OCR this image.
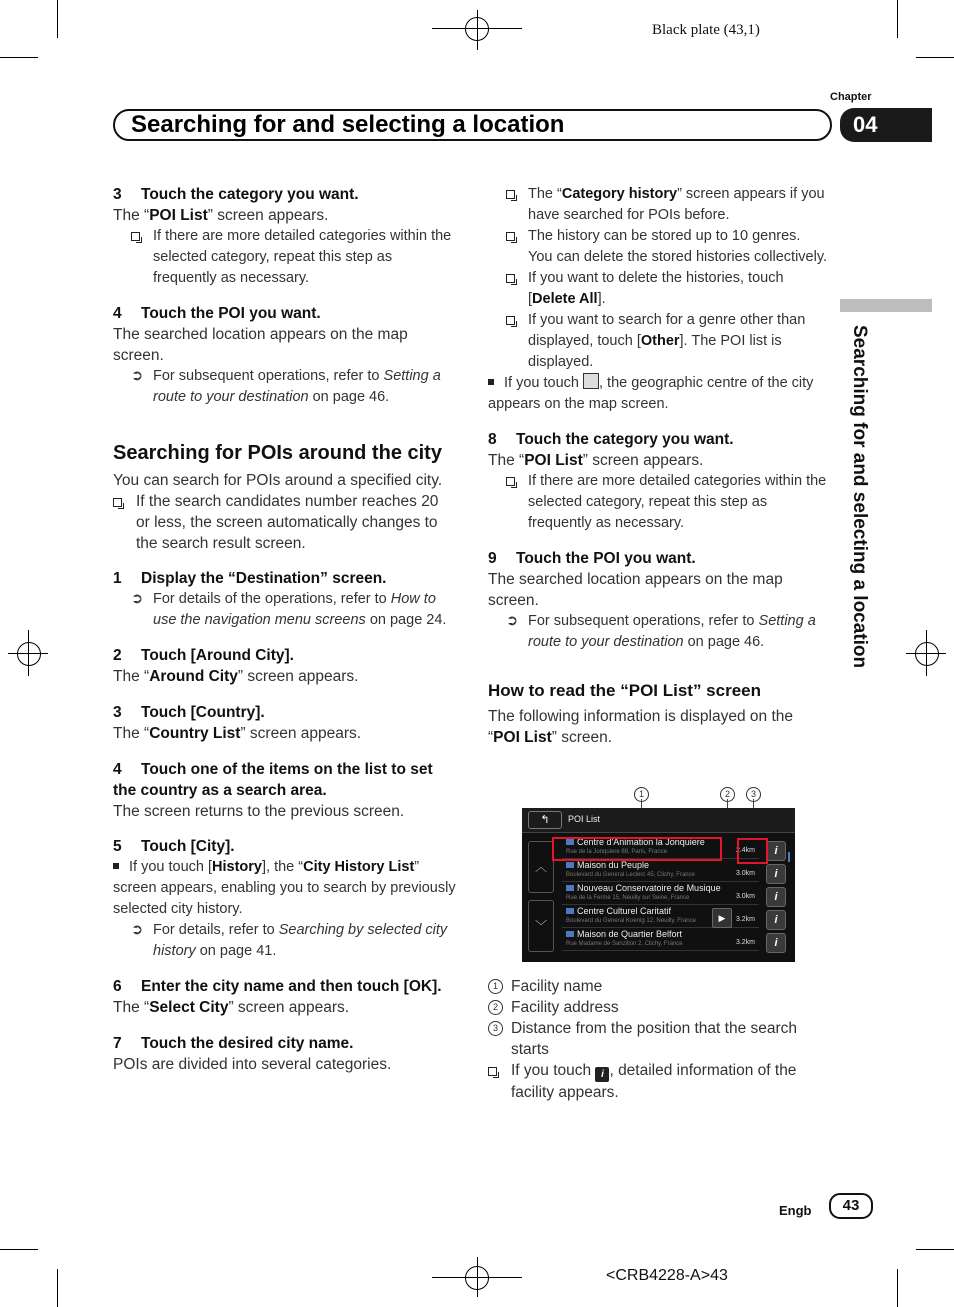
Black plate (43,1)
Chapter
Searching for and selecting a location	04
Searching for and selecting a location
3 Touch the category you want.
The “POI List” screen appears.
If there are more detailed categories within the selected category, repeat this step as frequently as necessary.
4 Touch the POI you want.
The searched location appears on the map screen.
➲ For subsequent operations, refer to Setting a route to your destination on page 46.
Searching for POIs around the city
You can search for POIs around a specified city.
If the search candidates number reaches 20 or less, the screen automatically changes to the search result screen.
1 Display the “Destination” screen.
➲ For details of the operations, refer to How to use the navigation menu screens on page 24.
2 Touch [Around City].
The “Around City” screen appears.
3 Touch [Country].
The “Country List” screen appears.
4 Touch one of the items on the list to set the country as a search area.
The screen returns to the previous screen.
5 Touch [City].
If you touch [History], the “City History List” screen appears, enabling you to search by previously selected city history.
➲ For details, refer to Searching by selected city history on page 41.
6 Enter the city name and then touch [OK].
The “Select City” screen appears.
7 Touch the desired city name.
POIs are divided into several categories.
The “Category history” screen appears if you have searched for POIs before.
The history can be stored up to 10 genres. You can delete the stored histories collectively.
If you want to delete the histories, touch [Delete All].
If you want to search for a genre other than displayed, touch [Other]. The POI list is displayed.
If you touch , the geographic centre of the city appears on the map screen.
8 Touch the category you want.
The “POI List” screen appears.
If there are more detailed categories within the selected category, repeat this step as frequently as necessary.
9 Touch the POI you want.
The searched location appears on the map screen.
➲ For subsequent operations, refer to Setting a route to your destination on page 46.
How to read the “POI List” screen
The following information is displayed on the “POI List” screen.
1	2	3
↰	POI List
︿
﹀
Centre d'Animation la Jonquiere
Rue de la Jonquiere 88, Paris, France	2.4km
Maison du Peuple
Boulevard du General Leclerc 45, Clichy, France	3.0km
Nouveau Conservatoire de Musique
Rue de la Ferme 15, Neuilly sur Seine, France	3.0km
Centre Culturel Caritatif
Boulevard du General Koenig 12, Neuilly, France	3.2km
Maison de Quartier Belfort
Rue Madame de Sanzillon 2, Clichy, France	3.2km
▶
i
i
i
i
i
1 Facility name
2 Facility address
3 Distance from the position that the search starts
If you touch i , detailed information of the facility appears.
Engb	43
<CRB4228-A>43
